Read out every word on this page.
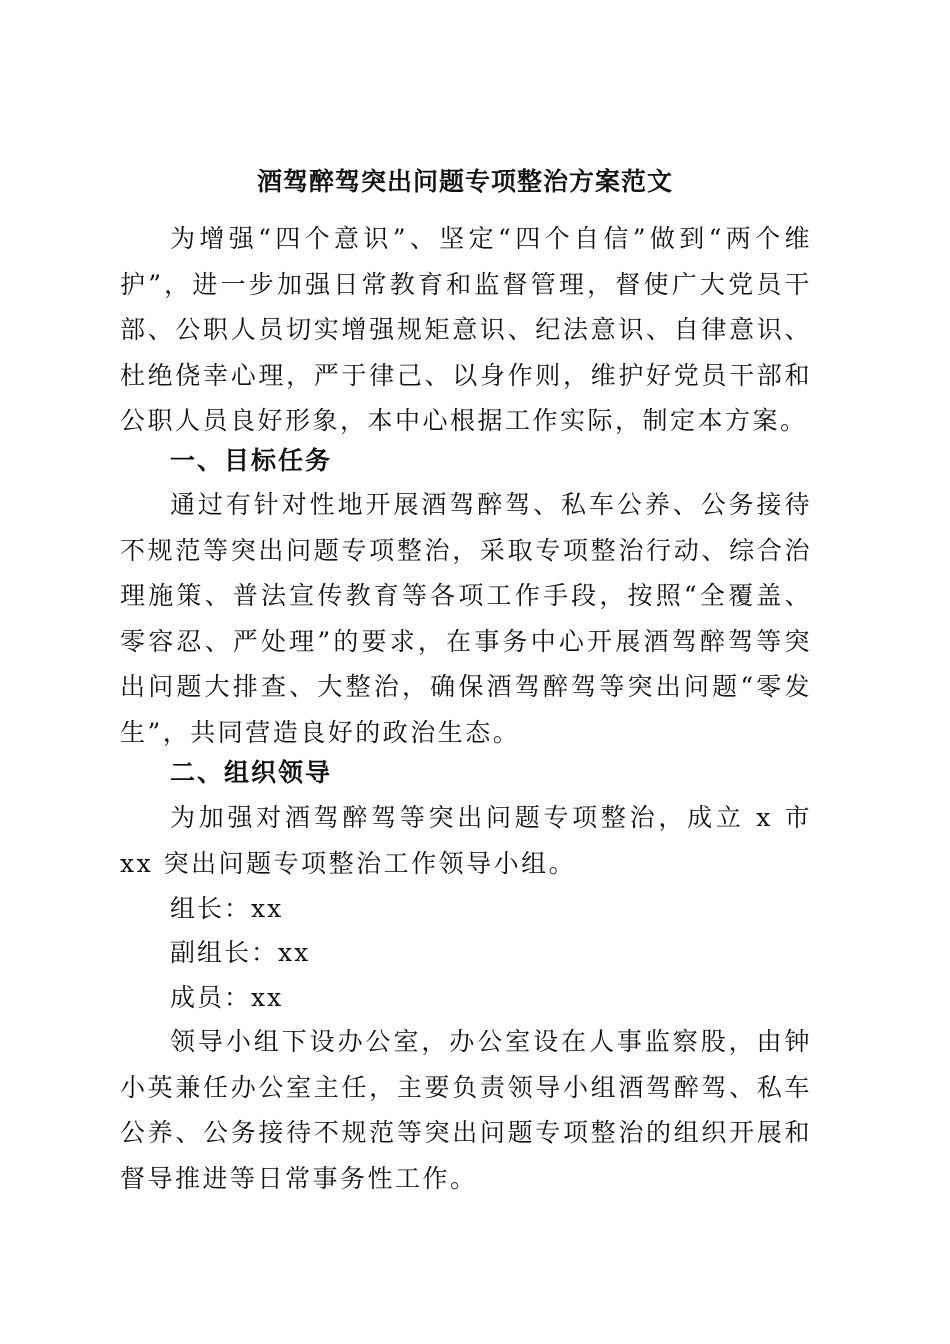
酒驾醉驾突出问题专项整治方案范文

为增强“四个意识”、坚定“四个自信”做到“两个维护”，进一步加强日常教育和监督管理，督使广大党员干部、公职人员切实增强规矩意识、纪法意识、自律意识、杜绝侥幸心理，严于律己、以身作则，维护好党员干部和公职人员良好形象，本中心根据工作实际，制定本方案。

一、目标任务

通过有针对性地开展酒驾醉驾、私车公养、公务接待不规范等突出问题专项整治，采取专项整治行动、综合治理施策、普法宣传教育等各项工作手段，按照“全覆盖、零容忍、严处理”的要求，在事务中心开展酒驾醉驾等突出问题大排查、大整治，确保酒驾醉驾等突出问题“零发生”，共同营造良好的政治生态。

二、组织领导

为加强对酒驾醉驾等突出问题专项整治，成立 x 市 xx 突出问题专项整治工作领导小组。

组长：xx

副组长：xx

成员：xx

领导小组下设办公室，办公室设在人事监察股，由钟小英兼任办公室主任，主要负责领导小组酒驾醉驾、私车公养、公务接待不规范等突出问题专项整治的组织开展和督导推进等日常事务性工作。
